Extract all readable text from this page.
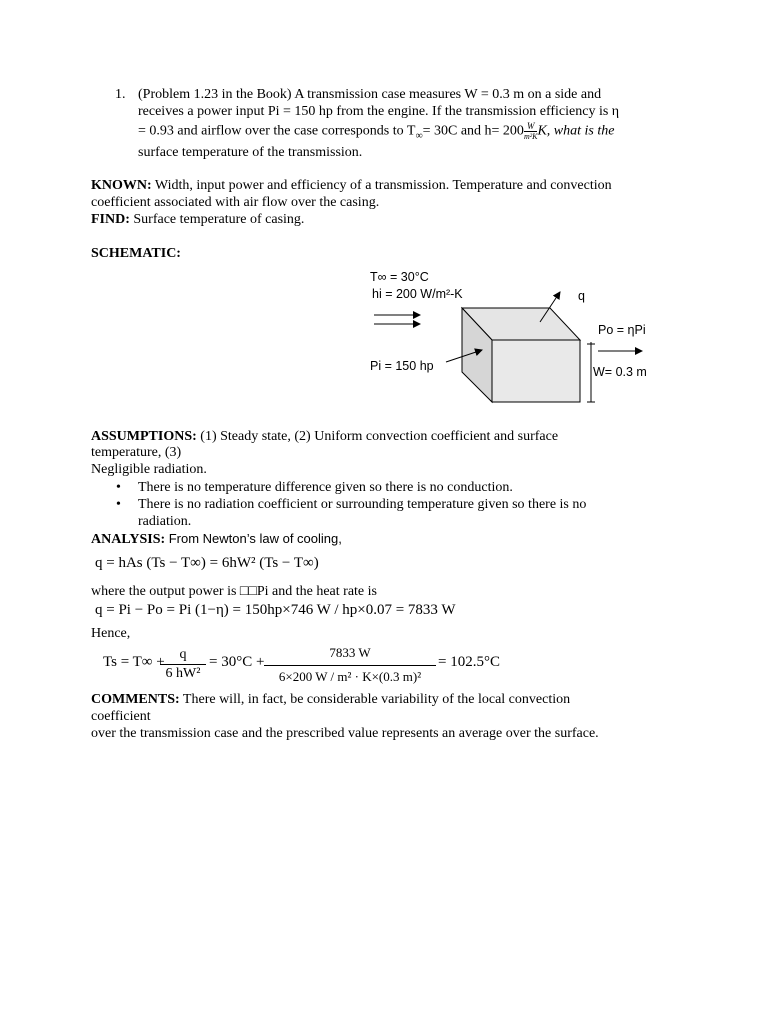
1. (Problem 1.23 in the Book) A transmission case measures W = 0.3 m on a side and
receives a power input Pi = 150 hp from the engine. If the transmission efficiency is η
= 0.93 and airflow over the case corresponds to $T_\infty= 30C$ and $h= 200 \frac{W}{\text{m²K}} K$, what is the
surface temperature of the transmission.
KNOWN: Width, input power and efficiency of a transmission. Temperature and convection
coefficient associated with air flow over the casing.
FIND: Surface temperature of casing.
SCHEMATIC:
T∞ = 30°C
hi = 200 W/m²-K	q
Po = ηPi
Pi = 150 hp	W= 0.3 m
ASSUMPTIONS: (1) Steady state, (2) Uniform convection coefficient and surface
temperature, (3)
Negligible radiation.
• There is no temperature difference given so there is no conduction.
• There is no radiation coefficient or surrounding temperature given so there is no
radiation.
ANALYSIS: From Newton’s law of cooling,
q = hAs (Ts − T∞) = 6hW² (Ts − T∞)
where the output power is □□Pi and the heat rate is
q = Pi − Po = Pi (1−η) = 150hp×746 W / hp×0.07 = 7833 W
Hence,
Ts = T∞ +
$\frac{q}{\text{6 hW²}} = 30^\circ C + \frac{7833 W}{\text{6×200 W / m² · K×(0.3 m)²}} = 102.5^\circ C$
COMMENTS: There will, in fact, be considerable variability of the local convection
coefficient
over the transmission case and the prescribed value represents an average over the surface.
